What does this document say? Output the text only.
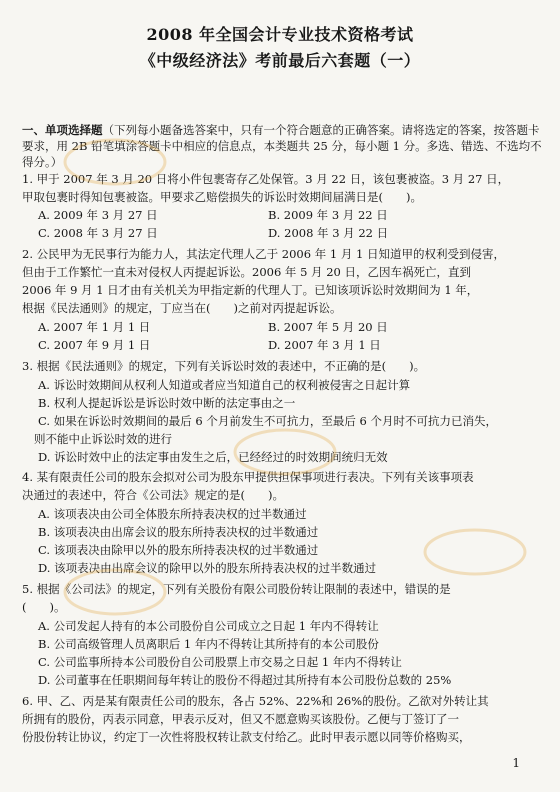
2008 年全国会计专业技术资格考试
《中级经济法》考前最后六套题（一）
一、单项选择题（下列每小题备选答案中，只有一个符合题意的正确答案。请将选定的答案，按答题卡要求，用 2B 铅笔填涂答题卡中相应的信息点，本类题共 25 分，每小题 1 分。多选、错选、不选均不得分。）
1. 甲于 2007 年 3 月 20 日将小件包裹寄存乙处保管。3 月 22 日，该包裹被盗。3 月 27 日，
甲取包裹时得知包裹被盗。甲要求乙赔偿损失的诉讼时效期间届满日是(　　)。
A. 2009 年 3 月 27 日	B. 2009 年 3 月 22 日
C. 2008 年 3 月 27 日	D. 2008 年 3 月 22 日
2. 公民甲为无民事行为能力人，其法定代理人乙于 2006 年 1 月 1 日知道甲的权利受到侵害，
但由于工作繁忙一直未对侵权人丙提起诉讼。2006 年 5 月 20 日，乙因车祸死亡，直到
2006 年 9 月 1 日才由有关机关为甲指定新的代理人丁。已知该项诉讼时效期间为 1 年，
根据《民法通则》的规定，丁应当在(　　)之前对丙提起诉讼。
A. 2007 年 1 月 1 日	B. 2007 年 5 月 20 日
C. 2007 年 9 月 1 日	D. 2007 年 3 月 1 日
3. 根据《民法通则》的规定，下列有关诉讼时效的表述中，不正确的是(　　)。
A. 诉讼时效期间从权利人知道或者应当知道自己的权利被侵害之日起计算
B. 权利人提起诉讼是诉讼时效中断的法定事由之一
C. 如果在诉讼时效期间的最后 6 个月前发生不可抗力，至最后 6 个月时不可抗力已消失，
则不能中止诉讼时效的进行
D. 诉讼时效中止的法定事由发生之后，已经经过的时效期间统归无效
4. 某有限责任公司的股东会拟对公司为股东甲提供担保事项进行表决。下列有关该事项表
决通过的表述中，符合《公司法》规定的是(　　)。
A. 该项表决由公司全体股东所持表决权的过半数通过
B. 该项表决由出席会议的股东所持表决权的过半数通过
C. 该项表决由除甲以外的股东所持表决权的过半数通过
D. 该项表决由出席会议的除甲以外的股东所持表决权的过半数通过
5. 根据《公司法》的规定，下列有关股份有限公司股份转让限制的表述中，错误的是
(　　)。
A. 公司发起人持有的本公司股份自公司成立之日起 1 年内不得转让
B. 公司高级管理人员离职后 1 年内不得转让其所持有的本公司股份
C. 公司监事所持本公司股份自公司股票上市交易之日起 1 年内不得转让
D. 公司董事在任职期间每年转让的股份不得超过其所持有本公司股份总数的 25%
6. 甲、乙、丙是某有限责任公司的股东，各占 52%、22%和 26%的股份。乙欲对外转让其
所拥有的股份，丙表示同意，甲表示反对，但又不愿意购买该股份。乙便与丁签订了一
份股份转让协议，约定丁一次性将股权转让款支付给乙。此时甲表示愿以同等价格购买，
1
